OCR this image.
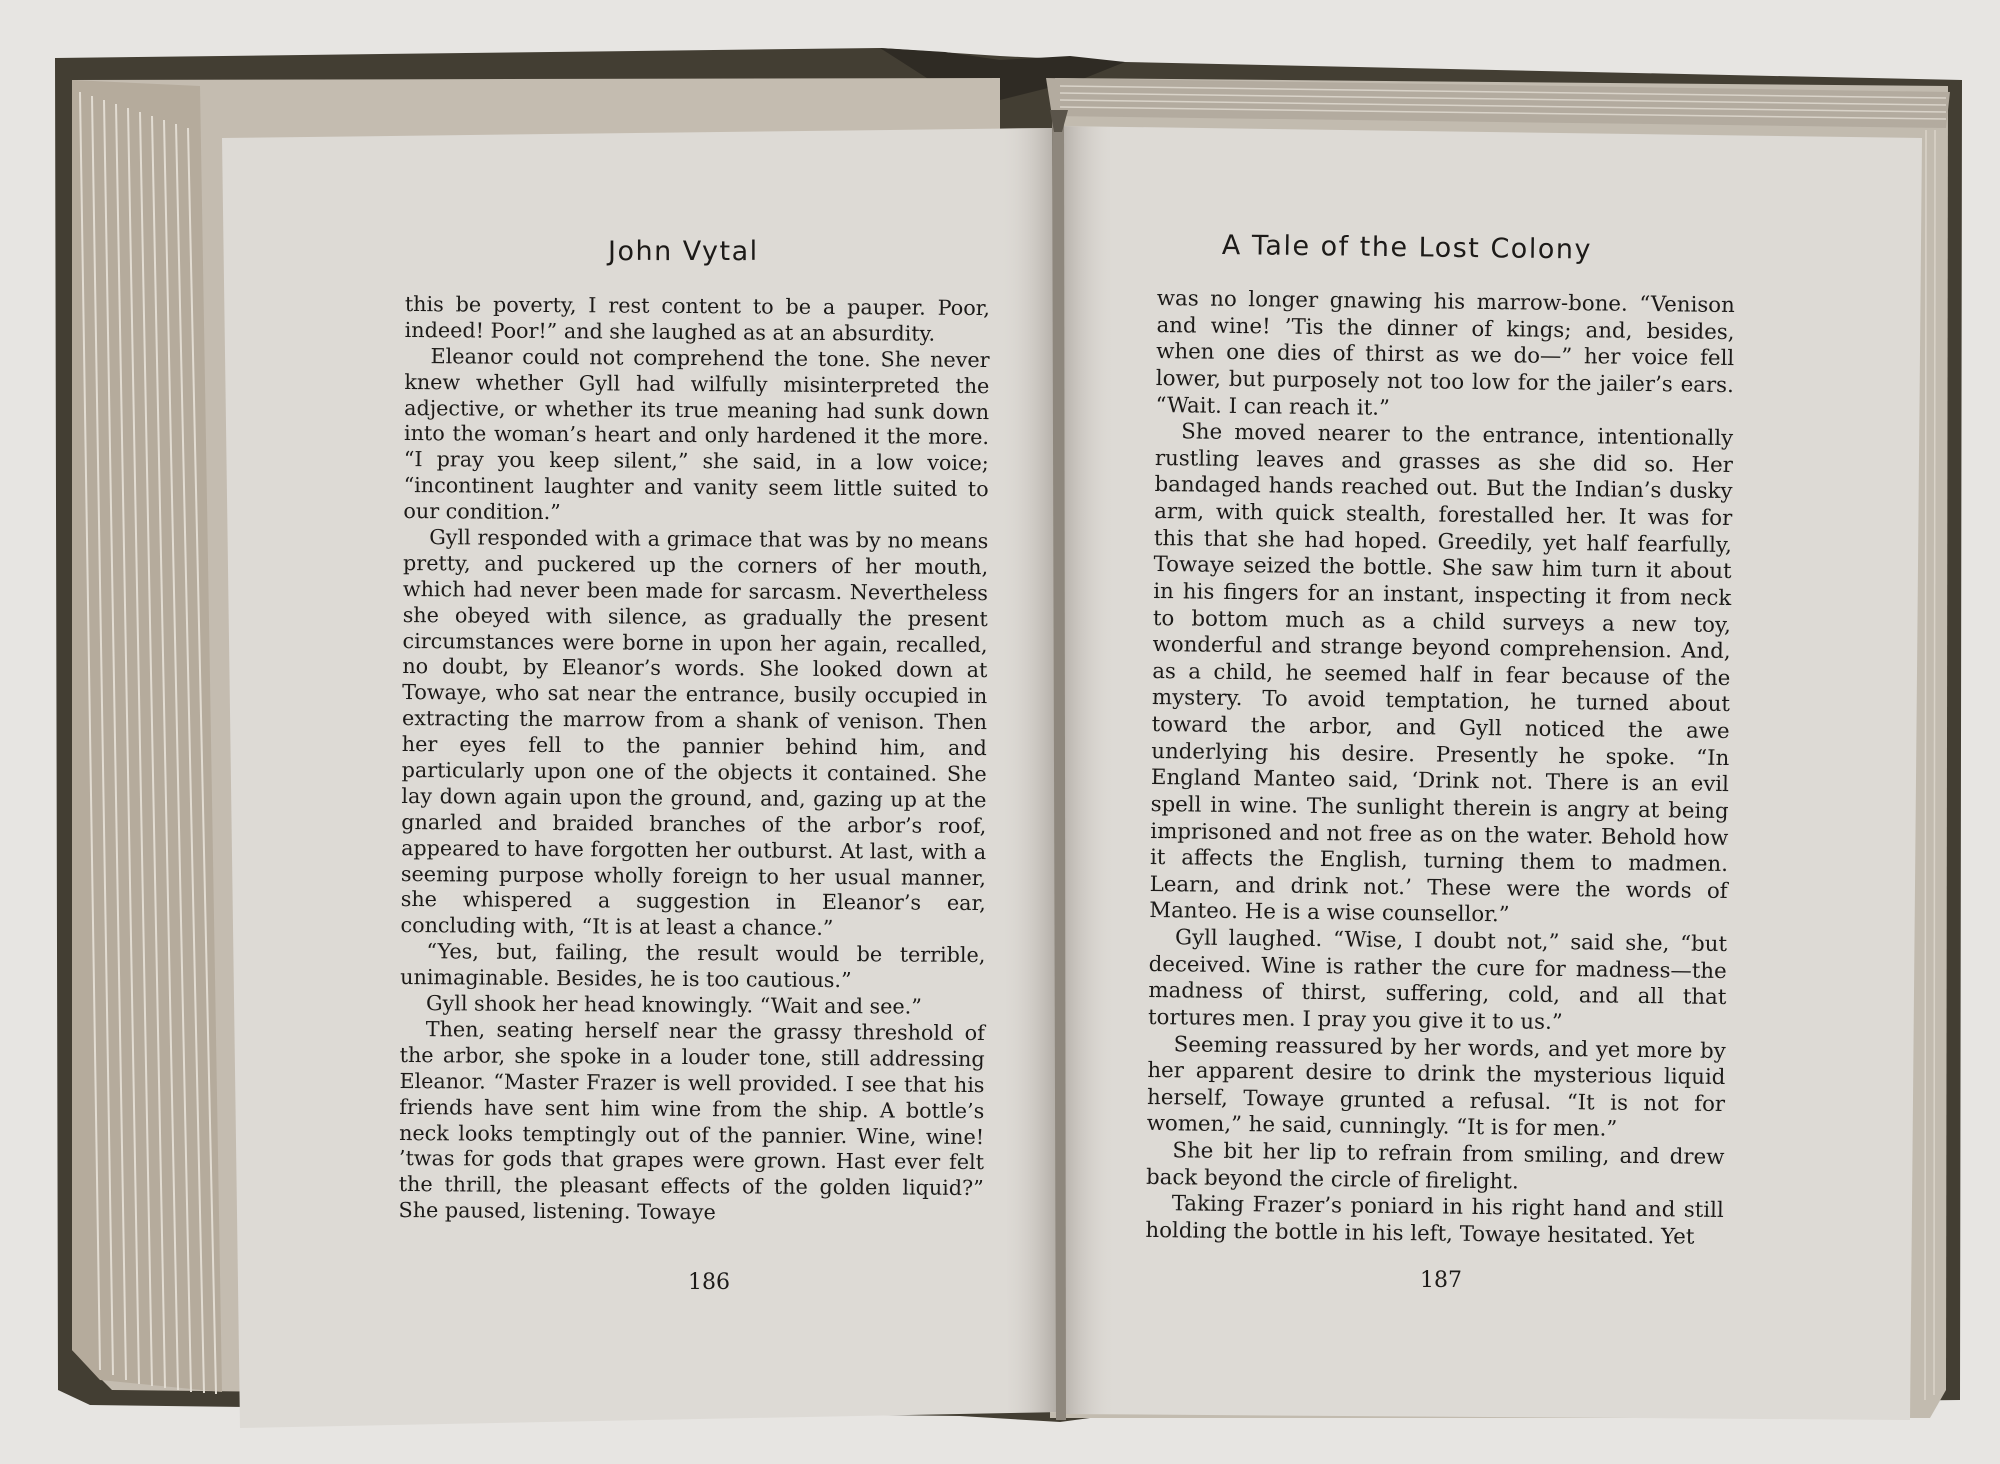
John Vytal	A Tale of the Lost Colony

this be poverty, I rest content to be a pauper. Poor, indeed! Poor!” and she laughed as at an absurdity.

Eleanor could not comprehend the tone. She never knew whether Gyll had wilfully misinterpreted the adjective, or whether its true meaning had sunk down into the woman’s heart and only hardened it the more. “I pray you keep silent,” she said, in a low voice; “incontinent laughter and vanity seem little suited to our condition.”

Gyll responded with a grimace that was by no means pretty, and puckered up the corners of her mouth, which had never been made for sarcasm. Nevertheless she obeyed with silence, as gradually the present circumstances were borne in upon her again, recalled, no doubt, by Eleanor’s words. She looked down at Towaye, who sat near the entrance, busily occupied in extracting the marrow from a shank of venison. Then her eyes fell to the pannier behind him, and particularly upon one of the objects it contained. She lay down again upon the ground, and, gazing up at the gnarled and braided branches of the arbor’s roof, appeared to have forgotten her outburst. At last, with a seeming purpose wholly foreign to her usual manner, she whispered a suggestion in Eleanor’s ear, concluding with, “It is at least a chance.”

“Yes, but, failing, the result would be terrible, unimaginable. Besides, he is too cautious.”

Gyll shook her head knowingly. “Wait and see.”

Then, seating herself near the grassy threshold of the arbor, she spoke in a louder tone, still addressing Eleanor. “Master Frazer is well provided. I see that his friends have sent him wine from the ship. A bottle’s neck looks temptingly out of the pannier. Wine, wine! ’twas for gods that grapes were grown. Hast ever felt the thrill, the pleasant effects of the golden liquid?” She paused, listening. Towaye

was no longer gnawing his marrow-bone. “Venison and wine! ’Tis the dinner of kings; and, besides, when one dies of thirst as we do—” her voice fell lower, but purposely not too low for the jailer’s ears. “Wait. I can reach it.”

She moved nearer to the entrance, intentionally rustling leaves and grasses as she did so. Her bandaged hands reached out. But the Indian’s dusky arm, with quick stealth, forestalled her. It was for this that she had hoped. Greedily, yet half fearfully, Towaye seized the bottle. She saw him turn it about in his fingers for an instant, inspecting it from neck to bottom much as a child surveys a new toy, wonderful and strange beyond comprehension. And, as a child, he seemed half in fear because of the mystery. To avoid temptation, he turned about toward the arbor, and Gyll noticed the awe underlying his desire. Presently he spoke. “In England Manteo said, ‘Drink not. There is an evil spell in wine. The sunlight therein is angry at being imprisoned and not free as on the water. Behold how it affects the English, turning them to madmen. Learn, and drink not.’ These were the words of Manteo. He is a wise counsellor.”

Gyll laughed. “Wise, I doubt not,” said she, “but deceived. Wine is rather the cure for madness—the madness of thirst, suffering, cold, and all that tortures men. I pray you give it to us.”

Seeming reassured by her words, and yet more by her apparent desire to drink the mysterious liquid herself, Towaye grunted a refusal. “It is not for women,” he said, cunningly. “It is for men.”

She bit her lip to refrain from smiling, and drew back beyond the circle of firelight.

Taking Frazer’s poniard in his right hand and still holding the bottle in his left, Towaye hesitated. Yet

186	187
